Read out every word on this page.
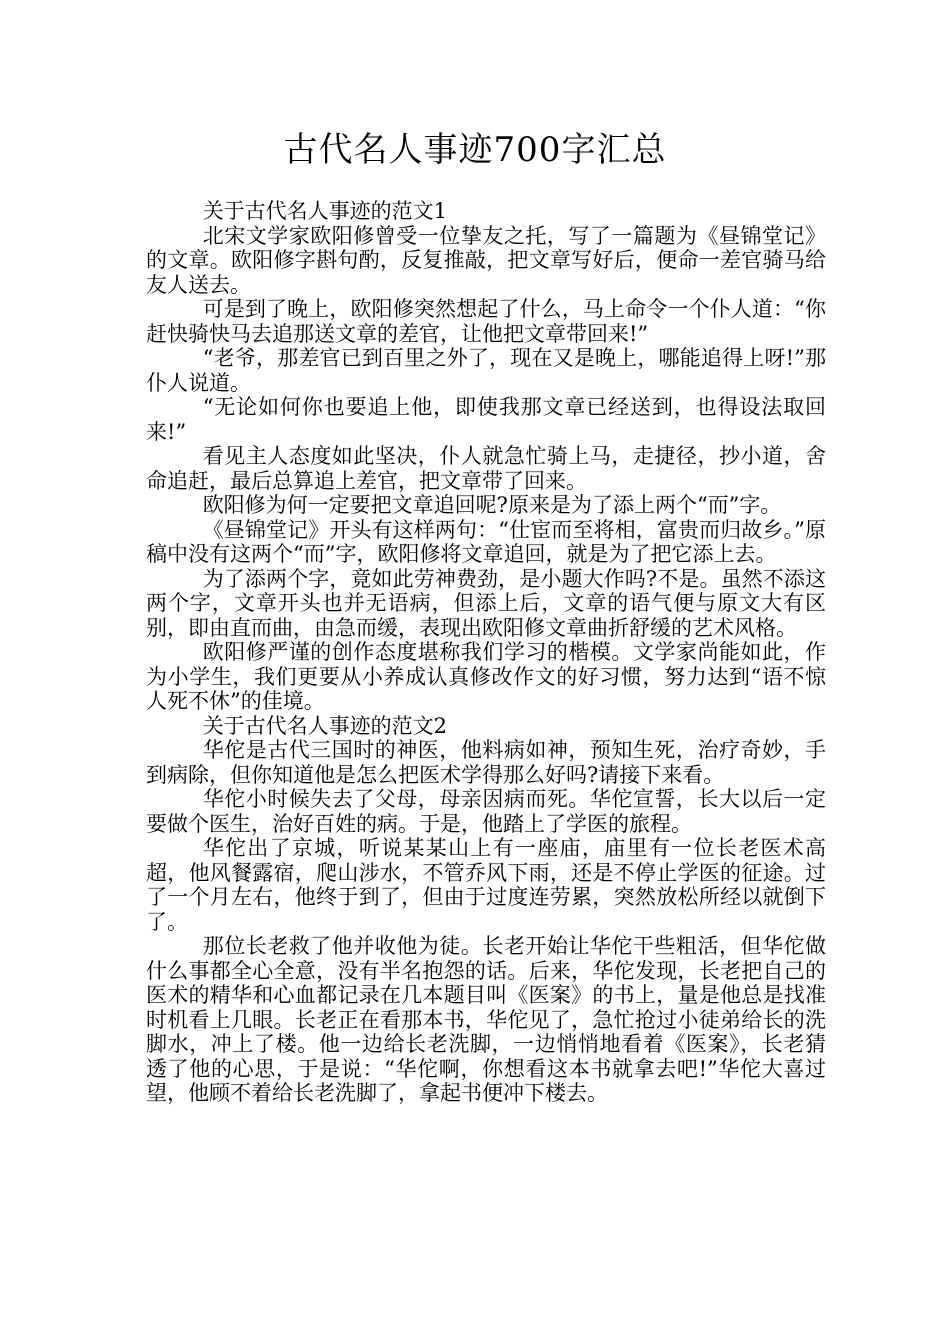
古代名人事迹700字汇总

关于古代名人事迹的范文1

北宋文学家欧阳修曾受一位挚友之托，写了一篇题为《昼锦堂记》的文章。欧阳修字斟句酌，反复推敲，把文章写好后，便命一差官骑马给友人送去。

可是到了晚上，欧阳修突然想起了什么，马上命令一个仆人道：“你赶快骑快马去追那送文章的差官，让他把文章带回来!”

“老爷，那差官已到百里之外了，现在又是晚上，哪能追得上呀!”那仆人说道。

“无论如何你也要追上他，即使我那文章已经送到，也得设法取回来!”

看见主人态度如此坚决，仆人就急忙骑上马，走捷径，抄小道，舍命追赶，最后总算追上差官，把文章带了回来。

欧阳修为何一定要把文章追回呢?原来是为了添上两个“而”字。

《昼锦堂记》开头有这样两句：“仕宦而至将相，富贵而归故乡。”原稿中没有这两个“而”字，欧阳修将文章追回，就是为了把它添上去。

为了添两个字，竟如此劳神费劲，是小题大作吗?不是。虽然不添这两个字，文章开头也并无语病，但添上后，文章的语气便与原文大有区别，即由直而曲，由急而缓，表现出欧阳修文章曲折舒缓的艺术风格。

欧阳修严谨的创作态度堪称我们学习的楷模。文学家尚能如此，作为小学生，我们更要从小养成认真修改作文的好习惯，努力达到“语不惊人死不休”的佳境。

关于古代名人事迹的范文2

华佗是古代三国时的神医，他料病如神，预知生死，治疗奇妙，手到病除，但你知道他是怎么把医术学得那么好吗?请接下来看。

华佗小时候失去了父母，母亲因病而死。华佗宣誓，长大以后一定要做个医生，治好百姓的病。于是，他踏上了学医的旅程。

华佗出了京城，听说某某山上有一座庙，庙里有一位长老医术高超，他风餐露宿，爬山涉水，不管乔风下雨，还是不停止学医的征途。过了一个月左右，他终于到了，但由于过度连劳累，突然放松所经以就倒下了。

那位长老救了他并收他为徒。长老开始让华佗干些粗活，但华佗做什么事都全心全意，没有半名抱怨的话。后来，华佗发现，长老把自己的医术的精华和心血都记录在几本题目叫《医案》的书上，量是他总是找准时机看上几眼。长老正在看那本书，华佗见了，急忙抢过小徒弟给长的洗脚水，冲上了楼。他一边给长老洗脚，一边悄悄地看着《医案》，长老猜透了他的心思，于是说：“华佗啊，你想看这本书就拿去吧!”华佗大喜过望，他顾不着给长老洗脚了，拿起书便冲下楼去。
